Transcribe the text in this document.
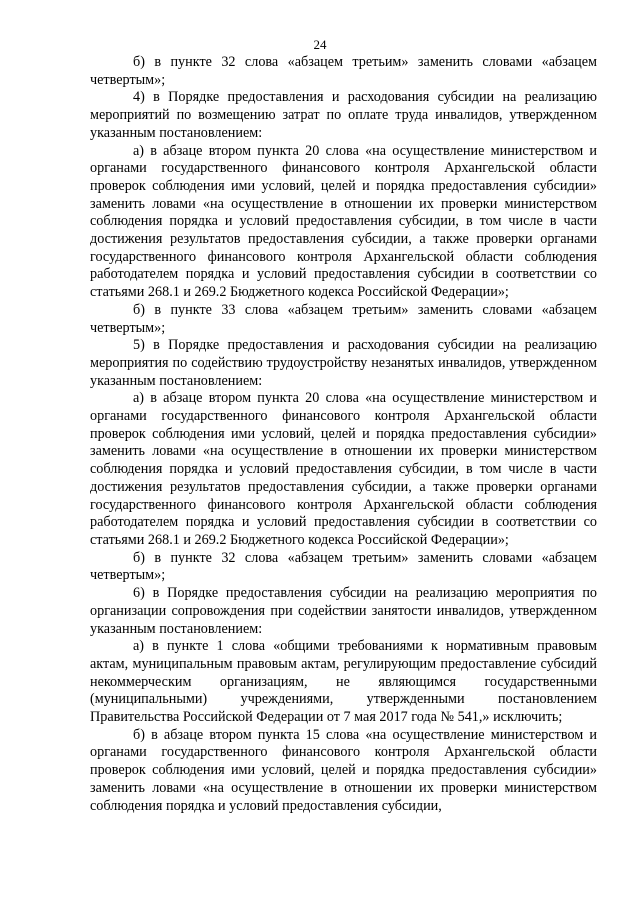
24

б) в пункте 32 слова «абзацем третьим» заменить словами «абзацем четвертым»;

4) в Порядке предоставления и расходования субсидии на реализацию мероприятий по возмещению затрат по оплате труда инвалидов, утвержденном указанным постановлением:

а) в абзаце втором пункта 20 слова «на осуществление министерством и органами государственного финансового контроля Архангельской области проверок соблюдения ими условий, целей и порядка предоставления субсидии» заменить ловами «на осуществление в отношении их проверки министерством соблюдения порядка и условий предоставления субсидии, в том числе в части достижения результатов предоставления субсидии, а также проверки органами государственного финансового контроля Архангельской области соблюдения работодателем порядка и условий предоставления субсидии в соответствии со статьями 268.1 и 269.2 Бюджетного кодекса Российской Федерации»;

б) в пункте 33 слова «абзацем третьим» заменить словами «абзацем четвертым»;

5) в Порядке предоставления и расходования субсидии на реализацию мероприятия по содействию трудоустройству незанятых инвалидов, утвержденном указанным постановлением:

а) в абзаце втором пункта 20 слова «на осуществление министерством и органами государственного финансового контроля Архангельской области проверок соблюдения ими условий, целей и порядка предоставления субсидии» заменить ловами «на осуществление в отношении их проверки министерством соблюдения порядка и условий предоставления субсидии, в том числе в части достижения результатов предоставления субсидии, а также проверки органами государственного финансового контроля Архангельской области соблюдения работодателем порядка и условий предоставления субсидии в соответствии со статьями 268.1 и 269.2 Бюджетного кодекса Российской Федерации»;

б) в пункте 32 слова «абзацем третьим» заменить словами «абзацем четвертым»;

6) в Порядке предоставления субсидии на реализацию мероприятия по организации сопровождения при содействии занятости инвалидов, утвержденном указанным постановлением:

а) в пункте 1 слова «общими требованиями к нормативным правовым актам, муниципальным правовым актам, регулирующим предоставление субсидий некоммерческим организациям, не являющимся государственными (муниципальными) учреждениями, утвержденными постановлением Правительства Российской Федерации от 7 мая 2017 года № 541,» исключить;

б) в абзаце втором пункта 15 слова «на осуществление министерством и органами государственного финансового контроля Архангельской области проверок соблюдения ими условий, целей и порядка предоставления субсидии» заменить ловами «на осуществление в отношении их проверки министерством соблюдения порядка и условий предоставления субсидии,
